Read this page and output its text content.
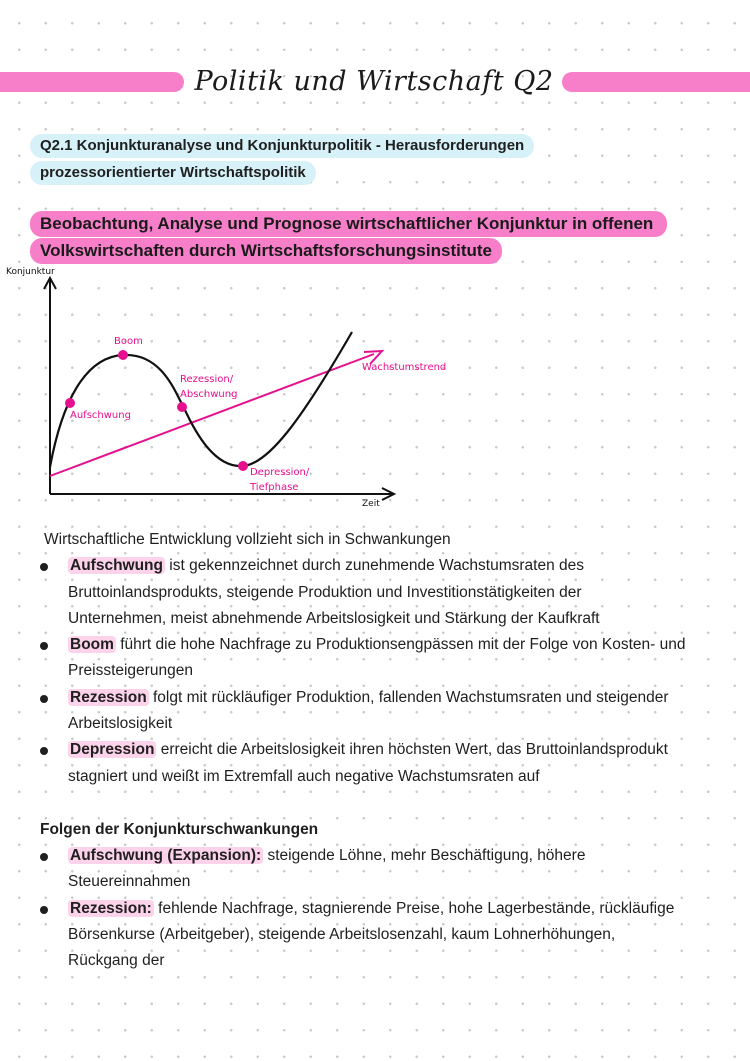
Politik und Wirtschaft Q2
Q2.1 Konjunkturanalyse und Konjunkturpolitik - Herausforderungen
prozessorientierter Wirtschaftspolitik
Beobachtung, Analyse und Prognose wirtschaftlicher Konjunktur in offenen
Volkswirtschaften durch Wirtschaftsforschungsinstitute
Konjunktur
Zeit
Wachstumstrend
Aufschwung
Boom
Rezession/
Abschwung
Depression/
Tiefphase
Wirtschaftliche Entwicklung vollzieht sich in Schwankungen
Aufschwung ist gekennzeichnet durch zunehmende Wachstumsraten des
Bruttoinlandsprodukts, steigende Produktion und Investitionstätigkeiten der
Unternehmen, meist abnehmende Arbeitslosigkeit und Stärkung der Kaufkraft
Boom führt die hohe Nachfrage zu Produktionsengpässen mit der Folge von Kosten- und
Preissteigerungen
Rezession folgt mit rückläufiger Produktion, fallenden Wachstumsraten und steigender
Arbeitslosigkeit
Depression erreicht die Arbeitslosigkeit ihren höchsten Wert, das Bruttoinlandsprodukt
stagniert und weißt im Extremfall auch negative Wachstumsraten auf
Folgen der Konjunkturschwankungen
Aufschwung (Expansion): steigende Löhne, mehr Beschäftigung, höhere
Steuereinnahmen
Rezession: fehlende Nachfrage, stagnierende Preise, hohe Lagerbestände, rückläufige
Börsenkurse (Arbeitgeber), steigende Arbeitslosenzahl, kaum Lohnerhöhungen,
Rückgang der
